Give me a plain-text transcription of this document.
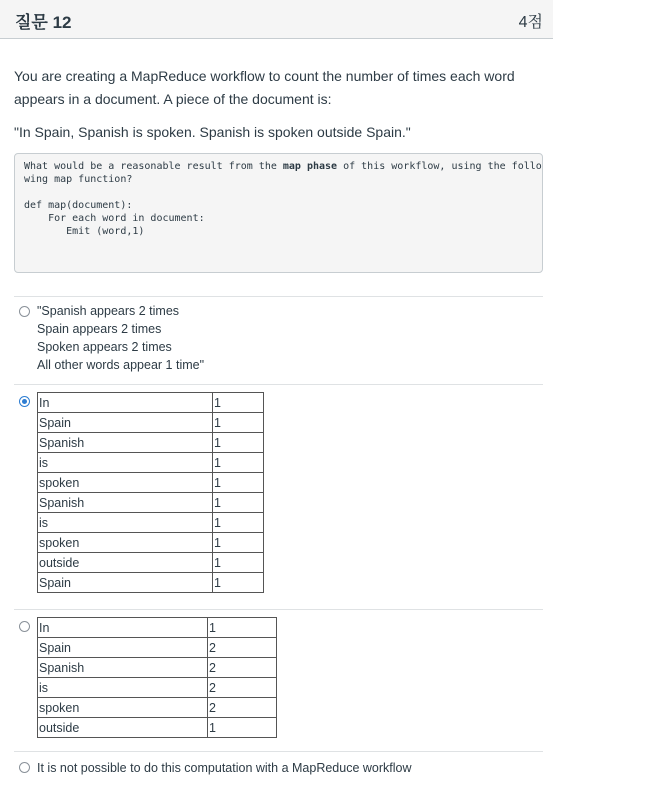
질문 12	4점

You are creating a MapReduce workflow to count the number of times each word

appears in a document. A piece of the document is:

"In Spain, Spanish is spoken. Spanish is spoken outside Spain."

What would be a reasonable result from the map phase of this workflow, using the follo
wing map function?
def map(document):
For each word in document:
Emit (word,1)
"Spanish appears 2 times
Spain appears 2 times
Spoken appears 2 times
All other words appear 1 time"
In	1
Spain	1
Spanish	1
is	1
spoken	1
Spanish	1
is	1
spoken	1
outside	1
Spain	1
In	1
Spain	2
Spanish	2
is	2
spoken	2
outside	1
It is not possible to do this computation with a MapReduce workflow
